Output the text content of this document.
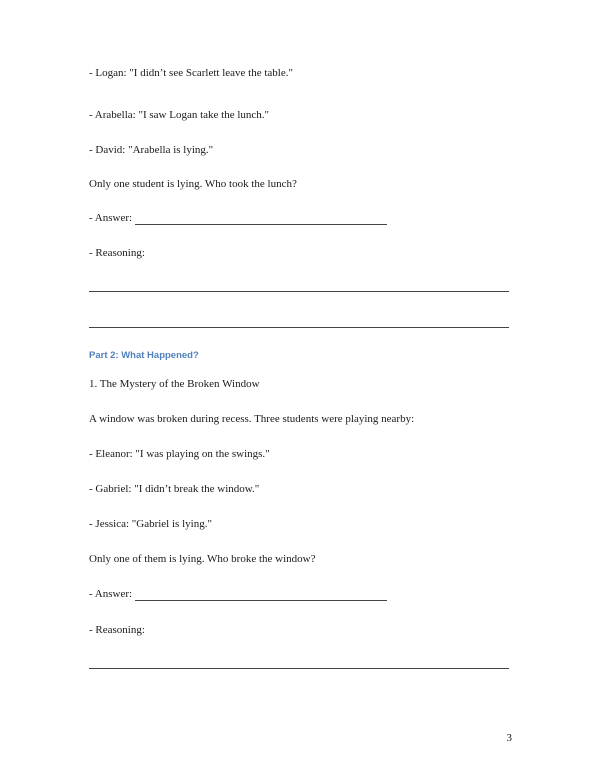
- Logan: "I didn’t see Scarlett leave the table."
- Arabella: "I saw Logan take the lunch."
- David: "Arabella is lying."
Only one student is lying. Who took the lunch?
- Answer:
- Reasoning:
Part 2: What Happened?
1. The Mystery of the Broken Window
A window was broken during recess. Three students were playing nearby:
- Eleanor: "I was playing on the swings."
- Gabriel: "I didn’t break the window."
- Jessica: "Gabriel is lying."
Only one of them is lying. Who broke the window?
- Answer:
- Reasoning:
3
